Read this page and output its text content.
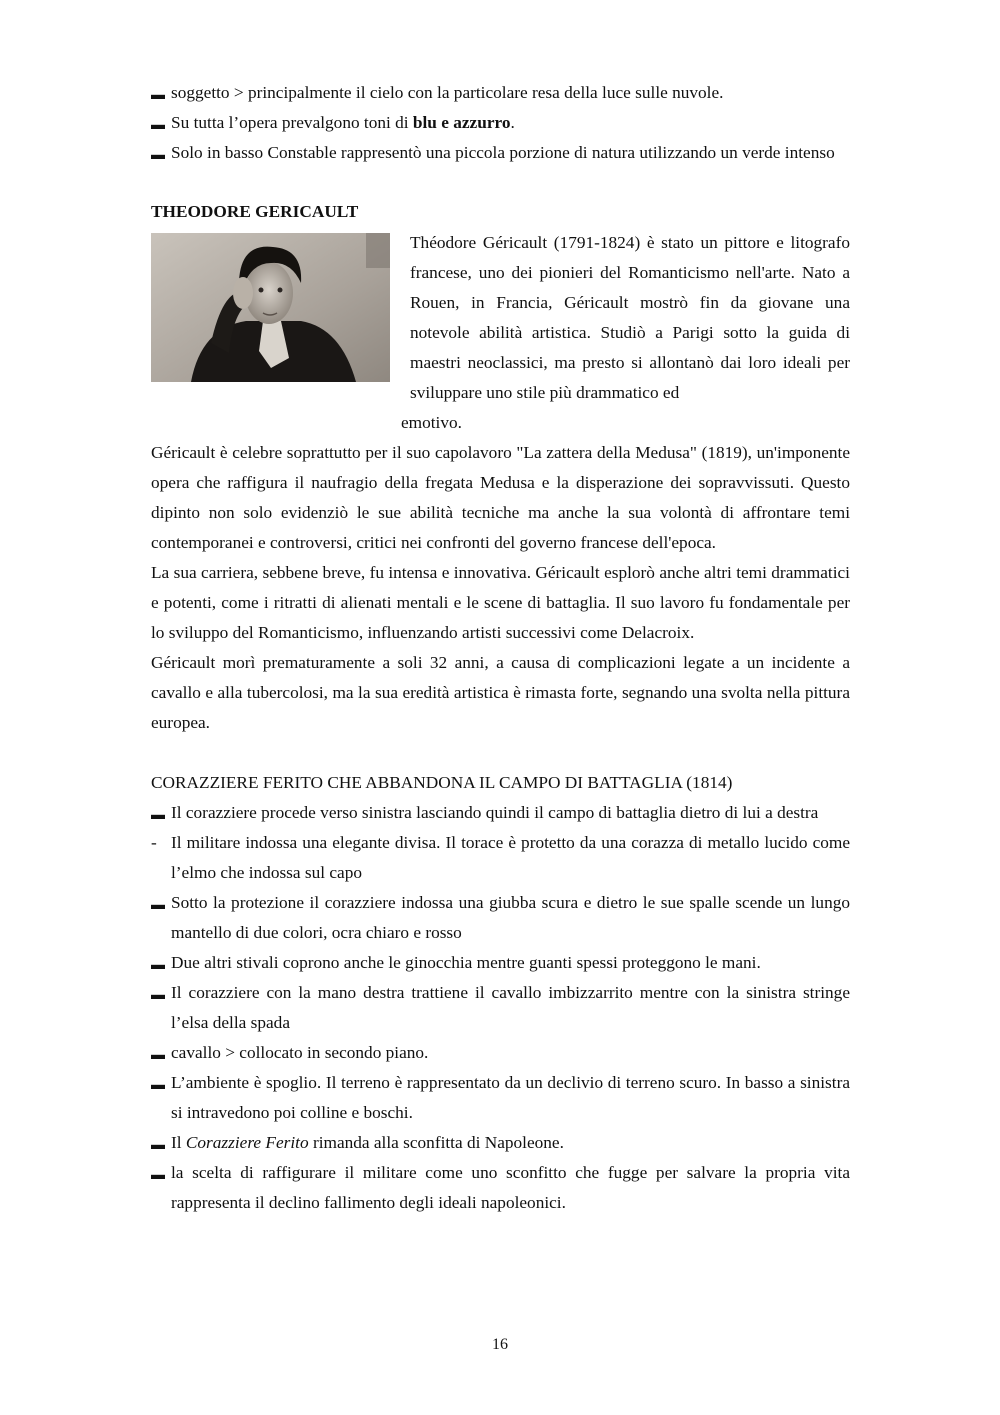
▬ soggetto > principalmente il cielo con la particolare resa della luce sulle nuvole.
▬ Su tutta l’opera prevalgono toni di blu e azzurro.
▬ Solo in basso Constable rappresentò una piccola porzione di natura utilizzando un verde intenso
THEODORE GERICAULT
Théodore Géricault (1791-1824) è stato un pittore e litografo francese, uno dei pionieri del Romanticismo nell'arte. Nato a Rouen, in Francia, Géricault mostrò fin da giovane una notevole abilità artistica. Studiò a Parigi sotto la guida di maestri neoclassici, ma presto si allontanò dai loro ideali per sviluppare uno stile più drammatico ed
emotivo.
Géricault è celebre soprattutto per il suo capolavoro "La zattera della Medusa" (1819), un'imponente opera che raffigura il naufragio della fregata Medusa e la disperazione dei sopravvissuti. Questo dipinto non solo evidenziò le sue abilità tecniche ma anche la sua volontà di affrontare temi contemporanei e controversi, critici nei confronti del governo francese dell'epoca.
La sua carriera, sebbene breve, fu intensa e innovativa. Géricault esplorò anche altri temi drammatici e potenti, come i ritratti di alienati mentali e le scene di battaglia. Il suo lavoro fu fondamentale per lo sviluppo del Romanticismo, influenzando artisti successivi come Delacroix.
Géricault morì prematuramente a soli 32 anni, a causa di complicazioni legate a un incidente a cavallo e alla tubercolosi, ma la sua eredità artistica è rimasta forte, segnando una svolta nella pittura europea.
CORAZZIERE FERITO CHE ABBANDONA IL CAMPO DI BATTAGLIA (1814)
▬ Il corazziere procede verso sinistra lasciando quindi il campo di battaglia dietro di lui a destra
- Il militare indossa una elegante divisa. Il torace è protetto da una corazza di metallo lucido come l’elmo che indossa sul capo
▬ Sotto la protezione il corazziere indossa una giubba scura e dietro le sue spalle scende un lungo mantello di due colori, ocra chiaro e rosso
▬ Due altri stivali coprono anche le ginocchia mentre guanti spessi proteggono le mani.
▬ Il corazziere con la mano destra trattiene il cavallo imbizzarrito mentre con la sinistra stringe l’elsa della spada
▬ cavallo > collocato in secondo piano.
▬ L’ambiente è spoglio. Il terreno è rappresentato da un declivio di terreno scuro. In basso a sinistra si intravedono poi colline e boschi.
▬ Il Corazziere Ferito rimanda alla sconfitta di Napoleone.
▬ la scelta di raffigurare il militare come uno sconfitto che fugge per salvare la propria vita rappresenta il declino fallimento degli ideali napoleonici.
16
